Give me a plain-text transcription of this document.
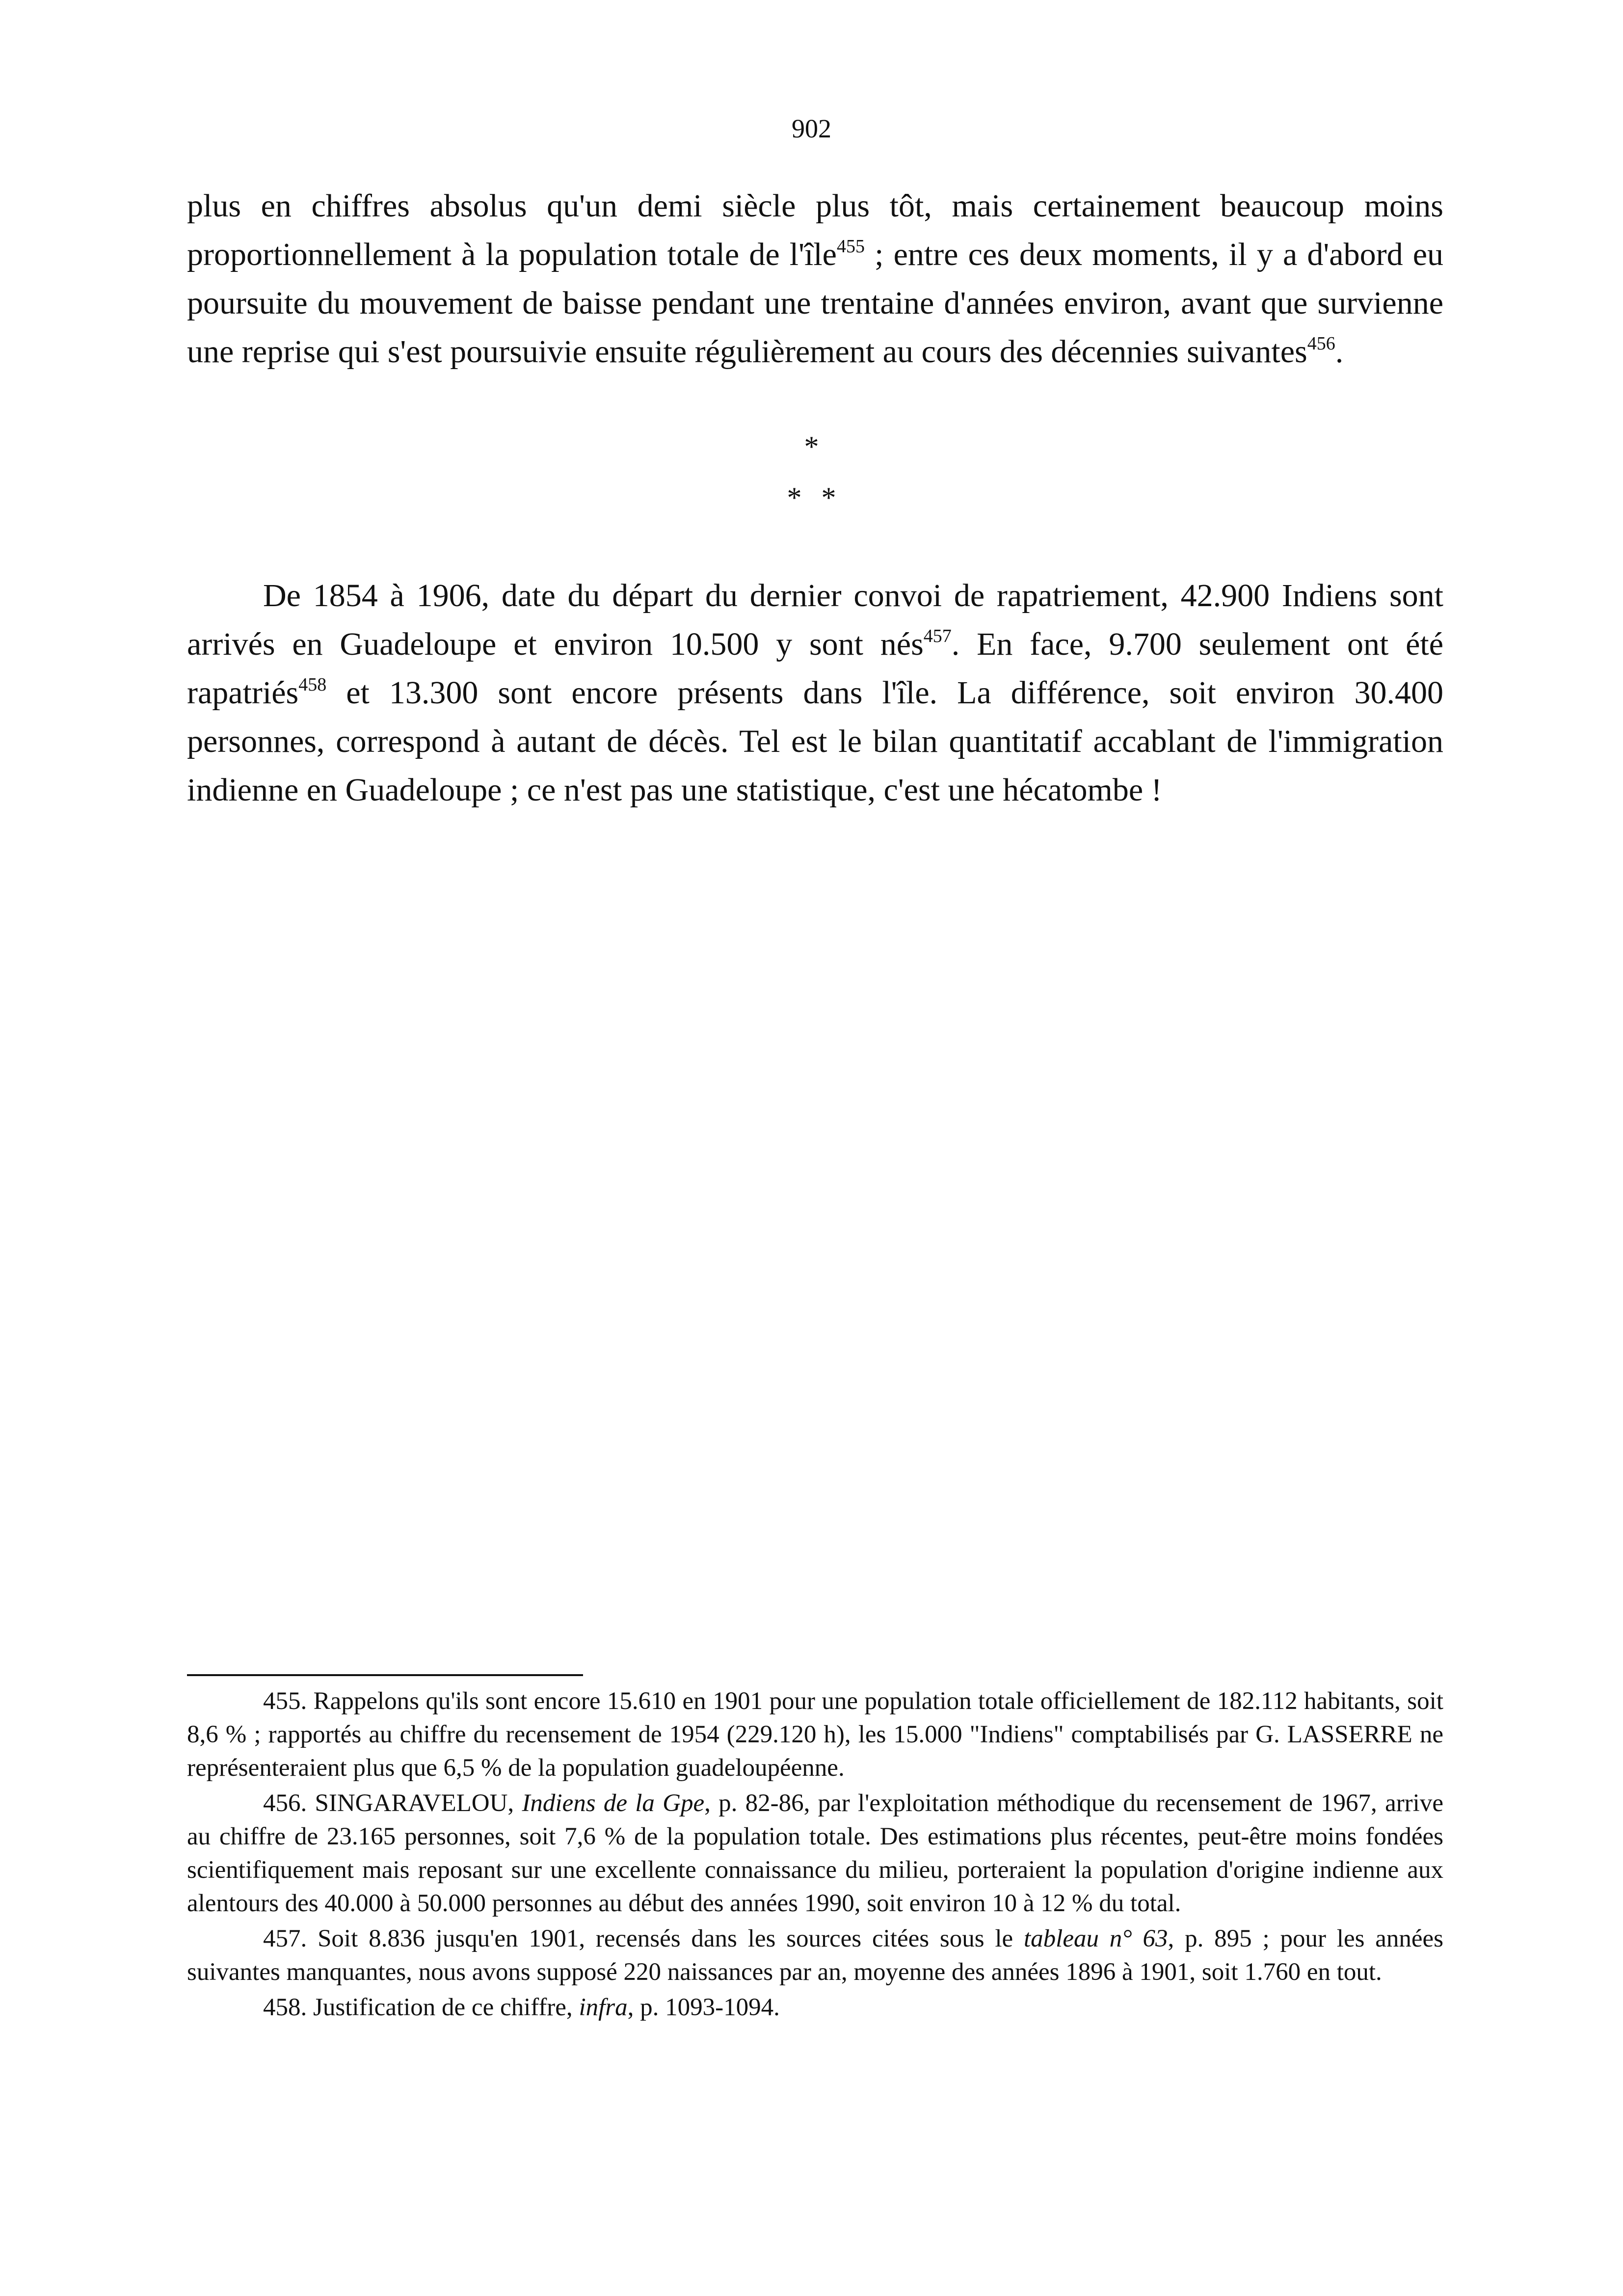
902

plus en chiffres absolus qu'un demi siècle plus tôt, mais certainement beaucoup moins proportionnellement à la population totale de l'île$^{455}$ ; entre ces deux moments, il y a d'abord eu poursuite du mouvement de baisse pendant une trentaine d'années environ, avant que survienne une reprise qui s'est poursuivie ensuite régulièrement au cours des décennies suivantes$^{456}$.

*
* *

De 1854 à 1906, date du départ du dernier convoi de rapatriement, 42.900 Indiens sont arrivés en Guadeloupe et environ 10.500 y sont nés$^{457}$. En face, 9.700 seulement ont été rapatriés$^{458}$ et 13.300 sont encore présents dans l'île. La différence, soit environ 30.400 personnes, correspond à autant de décès. Tel est le bilan quantitatif accablant de l'immigration indienne en Guadeloupe ; ce n'est pas une statistique, c'est une hécatombe !

455. Rappelons qu'ils sont encore 15.610 en 1901 pour une population totale officiellement de 182.112 habitants, soit 8,6 % ; rapportés au chiffre du recensement de 1954 (229.120 h), les 15.000 "Indiens" comptabilisés par G. LASSERRE ne représenteraient plus que 6,5 % de la population guadeloupéenne.

456. SINGARAVELOU, Indiens de la Gpe, p. 82-86, par l'exploitation méthodique du recensement de 1967, arrive au chiffre de 23.165 personnes, soit 7,6 % de la population totale. Des estimations plus récentes, peut-être moins fondées scientifiquement mais reposant sur une excellente connaissance du milieu, porteraient la population d'origine indienne aux alentours des 40.000 à 50.000 personnes au début des années 1990, soit environ 10 à 12 % du total.

457. Soit 8.836 jusqu'en 1901, recensés dans les sources citées sous le tableau n° 63, p. 895 ; pour les années suivantes manquantes, nous avons supposé 220 naissances par an, moyenne des années 1896 à 1901, soit 1.760 en tout.

458. Justification de ce chiffre, infra, p. 1093-1094.
